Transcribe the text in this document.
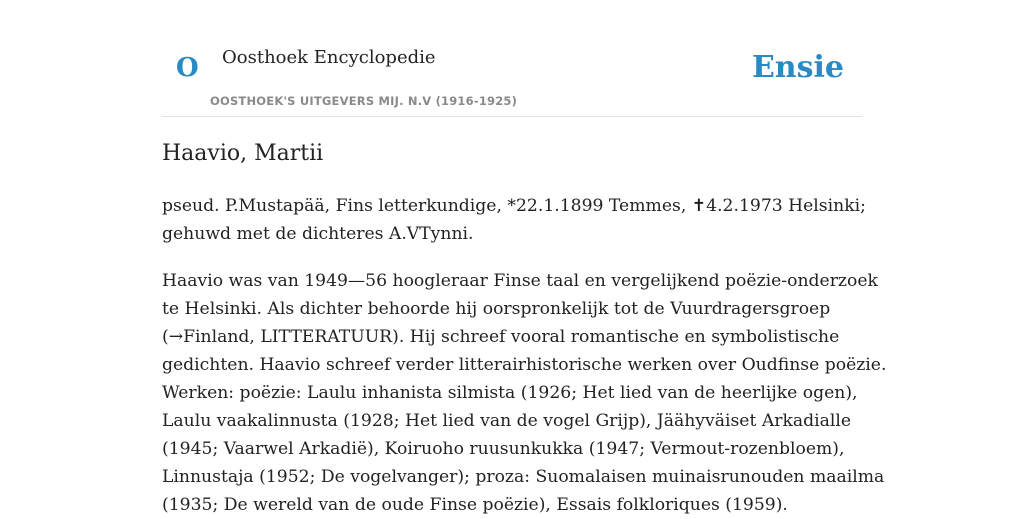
O Oosthoek Encyclopedie
OOSTHOEK'S UITGEVERS MIJ. N.V (1916-1925)
Ensie
Haavio, Martii

pseud. P.Mustapää, Fins letterkundige, *22.1.1899 Temmes, ✝4.2.1973 Helsinki;
gehuwd met de dichteres A.VTynni.

Haavio was van 1949—56 hoogleraar Finse taal en vergelijkend poëzie-onderzoek
te Helsinki. Als dichter behoorde hij oorspronkelijk tot de Vuurdragersgroep
(→Finland, LITTERATUUR). Hij schreef vooral romantische en symbolistische
gedichten. Haavio schreef verder litterairhistorische werken over Oudfinse poëzie.
Werken: poëzie: Laulu inhanista silmista (1926; Het lied van de heerlijke ogen),
Laulu vaakalinnusta (1928; Het lied van de vogel Grijp), Jäähyväiset Arkadialle
(1945; Vaarwel Arkadië), Koiruoho ruusunkukka (1947; Vermout-rozenbloem),
Linnustaja (1952; De vogelvanger); proza: Suomalaisen muinaisrunouden maailma
(1935; De wereld van de oude Finse poëzie), Essais folkloriques (1959).
